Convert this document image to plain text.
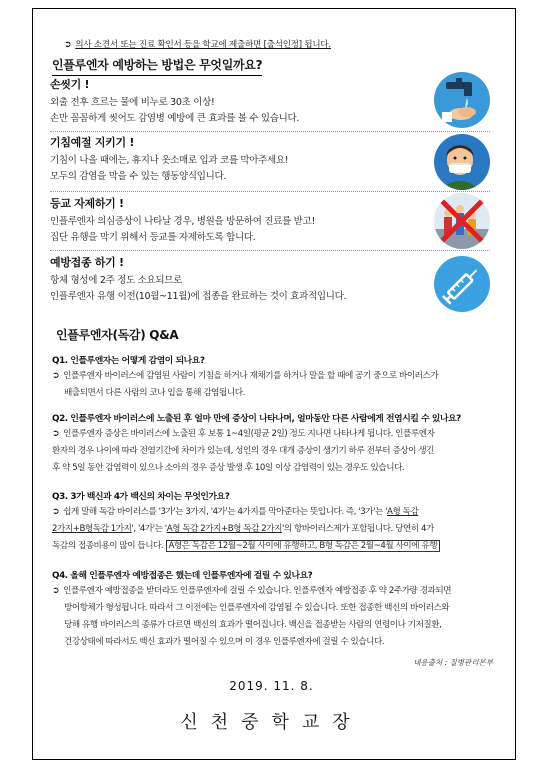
➲ 의사 소견서 또는 진료 확인서 등을 학교에 제출하면 [출석인정] 됩니다.
인플루엔자 예방하는 방법은 무엇일까요?
손씻기 !
외출 전후 흐르는 물에 비누로 30초 이상!
손만 꼼꼼하게 씻어도 감염병 예방에 큰 효과를 볼 수 있습니다.
기침예절 지키기 !
기침이 나올 때에는, 휴지나 옷소매로 입과 코를 막아주세요!
모두의 감염을 막을 수 있는 행동양식입니다.
등교 자제하기 !
인플루엔자 의심증상이 나타날 경우, 병원을 방문하여 진료를 받고!
집단 유행을 막기 위해서 등교를 자제하도록 합니다.
예방접종 하기 !
항체 형성에 2주 정도 소요되므로
인플루엔자 유행 이전(10월~11월)에 접종을 완료하는 것이 효과적입니다.
인플루엔자(독감) Q&A
Q1. 인플루엔자는 어떻게 감염이 되나요?
➲ 인플루엔자 바이러스에 감염된 사람이 기침을 하거나 재채기를 하거나 말을 할 때에 공기 중으로 바이러스가
배출되면서 다른 사람의 코나 입을 통해 감염됩니다.
Q2. 인플루엔자 바이러스에 노출된 후 얼마 만에 증상이 나타나며, 얼마동안 다른 사람에게 전염시킬 수 있나요?
➲ 인플루엔자 증상은 바이러스에 노출된 후 보통 1~4일(평균 2일) 정도 지나면 나타나게 됩니다. 인플루엔자
환자의 경우 나이에 따라 전염기간에 차이가 있는데, 성인의 경우 대개 증상이 생기기 하루 전부터 증상이 생긴
후 약 5일 동안 감염력이 있으나 소아의 경우 증상 발생 후 10일 이상 감염력이 있는 경우도 있습니다.
Q3. 3가 백신과 4가 백신의 차이는 무엇인가요?
➲ 쉽게 말해 독감 바이러스를 '3가'는 3가지, '4가'는 4가지를 막아준다는 뜻입니다. 즉, '3가'는 'A형 독감
2가지+B형독감 1가지', '4가'는 'A형 독감 2가지+B형 독감 2가지'의 항바이러스제가 포함됩니다. 당연히 4가
독감의 접종비용이 많이 듭니다. A형은 독감은 12월~2월 사이에 유행하고, B형 독감은 2월~4월 사이에 유행
Q4. 올해 인플루엔자 예방접종은 했는데 인플루엔자에 걸릴 수 있나요?
➲ 인플루엔자 예방접종을 받더라도 인플루엔자에 걸릴 수 있습니다. 인플루엔자 예방접종 후 약 2주가량 경과되면
방어항체가 형성됩니다. 따라서 그 이전에는 인플루엔자에 감염될 수 있습니다. 또한 접종한 백신의 바이러스와
당해 유행 바이러스의 종류가 다르면 백신의 효과가 떨어집니다. 백신을 접종받는 사람의 연령이나 기저질환,
건강상태에 따라서도 백신 효과가 떨어질 수 있으며 이 경우 인플루엔자에 걸릴 수 있습니다.
내용출처 : 질병관리본부
2019. 11. 8.
신천중학교장
